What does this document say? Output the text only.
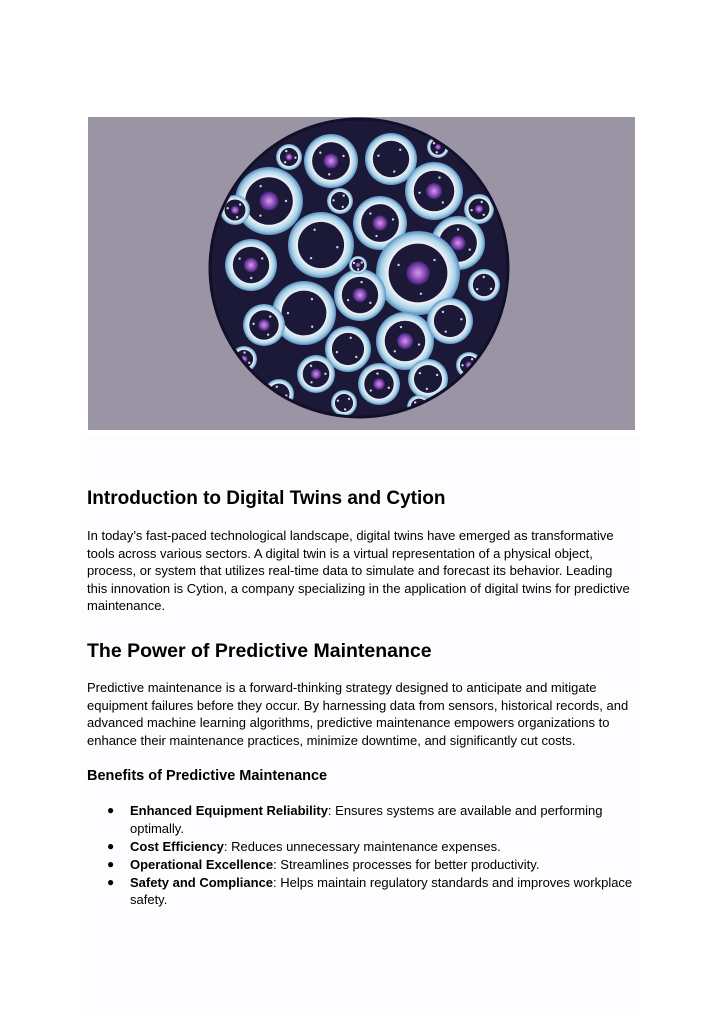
Introduction to Digital Twins and Cytion

In today’s fast-paced technological landscape, digital twins have emerged as transformative tools across various sectors. A digital twin is a virtual representation of a physical object, process, or system that utilizes real-time data to simulate and forecast its behavior. Leading this innovation is Cytion, a company specializing in the application of digital twins for predictive maintenance.

The Power of Predictive Maintenance

Predictive maintenance is a forward-thinking strategy designed to anticipate and mitigate equipment failures before they occur. By harnessing data from sensors, historical records, and advanced machine learning algorithms, predictive maintenance empowers organizations to enhance their maintenance practices, minimize downtime, and significantly cut costs.

Benefits of Predictive Maintenance
● Enhanced Equipment Reliability: Ensures systems are available and performing optimally.
● Cost Efficiency: Reduces unnecessary maintenance expenses.
● Operational Excellence: Streamlines processes for better productivity.
● Safety and Compliance: Helps maintain regulatory standards and improves workplace safety.
